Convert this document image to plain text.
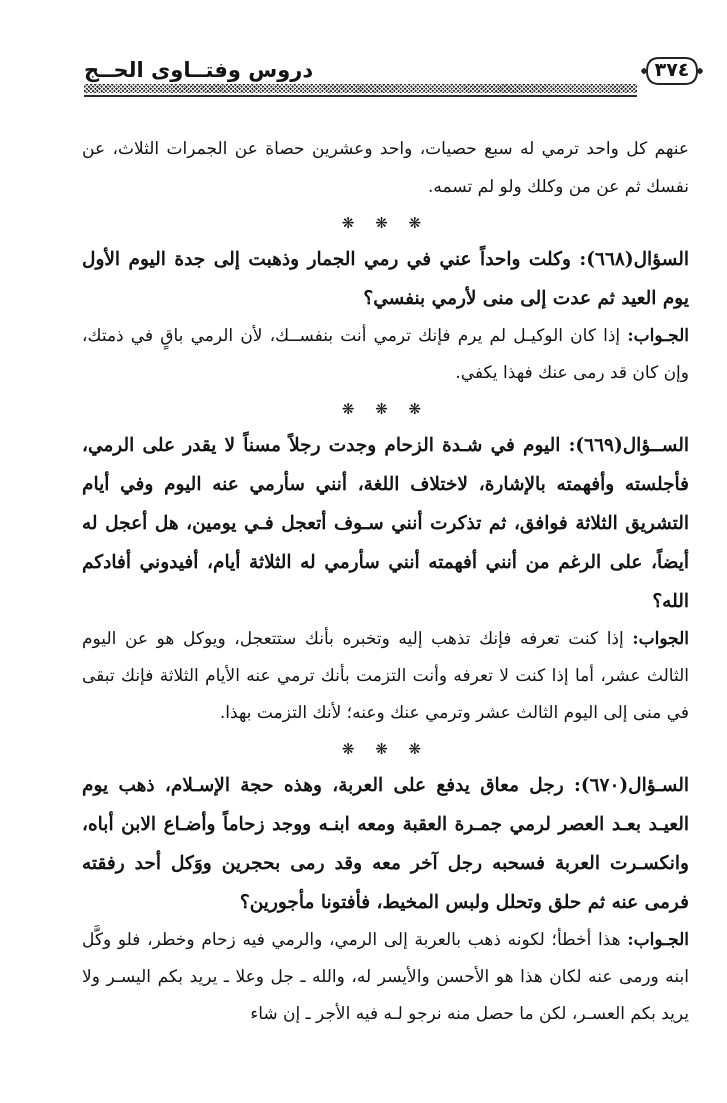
دروس وفتــاوى الحــج	٣٧٤

عنهم كل واحد ترمي له سبع حصيات، واحد وعشرين حصاة عن الجمرات الثلاث، عن نفسك ثم عن من وكلك ولو لم تسمه.

❋ ❋ ❋

السؤال(٦٦٨): وكلت واحداً عني في رمي الجمار وذهبت إلى جدة اليوم الأول يوم العيد ثم عدت إلى منى لأرمي بنفسي؟

الجـواب: إذا كان الوكيـل لم يرم فإنك ترمي أنت بنفســك، لأن الرمي باقٍ في ذمتك، وإن كان قد رمى عنك فهذا يكفي.

❋ ❋ ❋

الســؤال(٦٦٩): اليوم في شـدة الزحام وجدت رجلاً مسناً لا يقدر على الرمي، فأجلسته وأفهمته بالإشارة، لاختلاف اللغة، أنني سأرمي عنه اليوم وفي أيام التشريق الثلاثة فوافق، ثم تذكرت أنني سـوف أتعجل فـي يومين، هل أعجل له أيضاً، على الرغم من أنني أفهمته أنني سأرمي له الثلاثة أيام، أفيدوني أفادكم الله؟

الجواب: إذا كنت تعرفه فإنك تذهب إليه وتخبره بأنك ستتعجل، ويوكل هو عن اليوم الثالث عشر، أما إذا كنت لا تعرفه وأنت التزمت بأنك ترمي عنه الأيام الثلاثة فإنك تبقى في منى إلى اليوم الثالث عشر وترمي عنك وعنه؛ لأنك التزمت بهذا.

❋ ❋ ❋

السـؤال(٦٧٠): رجل معاق يدفع على العربة، وهذه حجة الإسـلام، ذهب يوم العيـد بعـد العصر لرمي جمـرة العقبة ومعه ابنـه ووجد زحاماً وأضـاع الابن أباه، وانكسـرت العربة فسحبه رجل آخر معه وقد رمى بحجرين ووَكل أحد رفقته فرمى عنه ثم حلق وتحلل ولبس المخيط، فأفتونا مأجورين؟

الجـواب: هذا أخطأ؛ لكونه ذهب بالعربة إلى الرمي، والرمي فيه زحام وخطر، فلو وكَّل ابنه ورمى عنه لكان هذا هو الأحسن والأيسر له، والله ـ جل وعلا ـ يريد بكم اليسـر ولا يريد بكم العسـر، لكن ما حصل منه نرجو لـه فيه الأجر ـ إن شاء
